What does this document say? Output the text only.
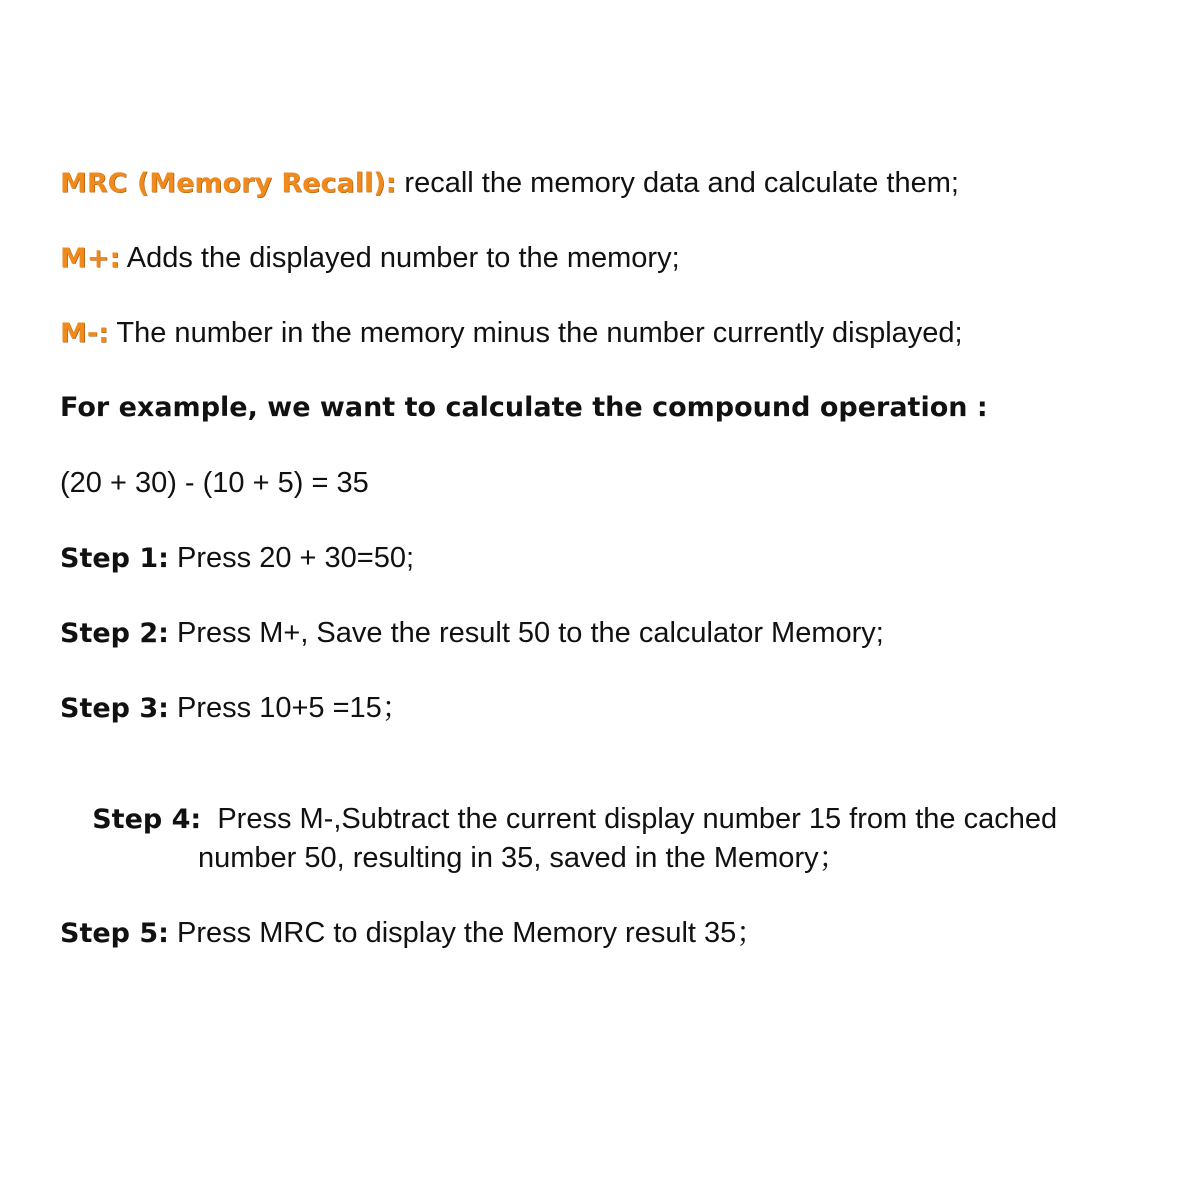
MRC (Memory Recall): recall the memory data and calculate them;
M+: Adds the displayed number to the memory;
M-: The number in the memory minus the number currently displayed;
For example, we want to calculate the compound operation :
(20 + 30) - (10 + 5) = 35
Step 1: Press 20 + 30=50;
Step 2: Press M+, Save the result 50 to the calculator Memory;
Step 3: Press 10+5 =15；

Step 4:  Press M-,Subtract the current display number 15 from the cached

number 50, resulting in 35, saved in the Memory；
Step 5: Press MRC to display the Memory result 35；
